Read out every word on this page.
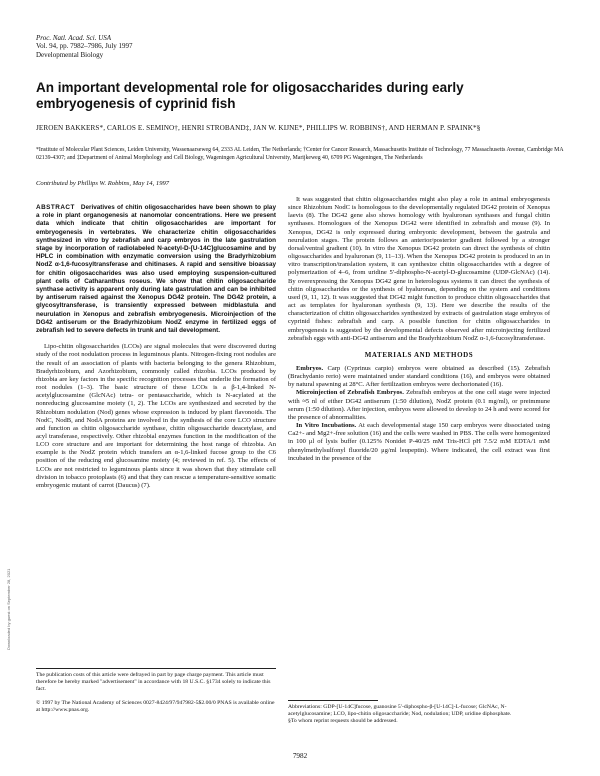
Proc. Natl. Acad. Sci. USA
Vol. 94, pp. 7982–7986, July 1997
Developmental Biology
An important developmental role for oligosaccharides during early embryogenesis of cyprinid fish
JEROEN BAKKERS*, CARLOS E. SEMINO†, HENRI STROBAND‡, JAN W. KIJNE*, PHILLIPS W. ROBBINS†, AND HERMAN P. SPAINK*§
*Institute of Molecular Plant Sciences, Leiden University, Wassenaarseweg 64, 2333 AL Leiden, The Netherlands; †Center for Cancer Research, Massachusetts Institute of Technology, 77 Massachusetts Avenue, Cambridge MA 02139-4307; and ‡Department of Animal Morphology and Cell Biology, Wageningen Agricultural University, Marijkeweg 40, 6709 PG Wageningen, The Netherlands
Contributed by Phillips W. Robbins, May 14, 1997

ABSTRACT Derivatives of chitin oligosaccharides have been shown to play a role in plant organogenesis at nanomolar concentrations. Here we present data which indicate that chitin oligosaccharides are important for embryogenesis in vertebrates. We characterize chitin oligosaccharides synthesized in vitro by zebrafish and carp embryos in the late gastrulation stage by incorporation of radiolabeled N-acetyl-D-[U-14C]glucosamine and by HPLC in combination with enzymatic conversion using the Bradyrhizobium NodZ α-1,6-fucosyltransferase and chitinases. A rapid and sensitive bioassay for chitin oligosaccharides was also used employing suspension-cultured plant cells of Catharanthus roseus. We show that chitin oligosaccharide synthase activity is apparent only during late gastrulation and can be inhibited by antiserum raised against the Xenopus DG42 protein. The DG42 protein, a glycosyltransferase, is transiently expressed between midblastula and neurulation in Xenopus and zebrafish embryogenesis. Microinjection of the DG42 antiserum or the Bradyrhizobium NodZ enzyme in fertilized eggs of zebrafish led to severe defects in trunk and tail development.

Lipo-chitin oligosaccharides (LCOs) are signal molecules that were discovered during study of the root nodulation process in leguminous plants. Nitrogen-fixing root nodules are the result of an association of plants with bacteria belonging to the genera Rhizobium, Bradyrhizobium, and Azorhizobium, commonly called rhizobia. LCOs produced by rhizobia are key factors in the specific recognition processes that underlie the formation of root nodules (1–3). The basic structure of these LCOs is a β-1,4-linked N-acetylglucosamine (GlcNAc) tetra- or pentasaccharide, which is N-acylated at the nonreducing glucosamine moiety (1, 2). The LCOs are synthesized and secreted by the Rhizobium nodulation (Nod) genes whose expression is induced by plant flavonoids. The NodC, NodB, and NodA proteins are involved in the synthesis of the core LCO structure and function as chitin oligosaccharide synthase, chitin oligosaccharide deacetylase, and acyl transferase, respectively. Other rhizobial enzymes function in the modification of the LCO core structure and are important for determining the host range of rhizobia. An example is the NodZ protein which transfers an α-1,6-linked fucose group to the C6 position of the reducing end glucosamine moiety (4; reviewed in ref. 5). The effects of LCOs are not restricted to leguminous plants since it was shown that they stimulate cell division in tobacco protoplasts (6) and that they can rescue a temperature-sensitive somatic embryogenic mutant of carrot (Daucus) (7).

The publication costs of this article were defrayed in part by page charge payment. This article must therefore be hereby marked "advertisement" in accordance with 18 U.S.C. §1734 solely to indicate this fact.
© 1997 by The National Academy of Sciences 0027-8424/97/947982-5$2.00/0 PNAS is available online at http://www.pnas.org.

It was suggested that chitin oligosaccharides might also play a role in animal embryogenesis since Rhizobium NodC is homologous to the developmentally regulated DG42 protein of Xenopus laevis (8). The DG42 gene also shows homology with hyaluronan synthases and fungal chitin synthases. Homologues of the Xenopus DG42 were identified in zebrafish and mouse (9). In Xenopus, DG42 is only expressed during embryonic development, between the gastrula and neurulation stages. The protein follows an anterior/posterior gradient followed by a stronger dorsal/ventral gradient (10). In vitro the Xenopus DG42 protein can direct the synthesis of chitin oligosaccharides and hyaluronan (9, 11–13). When the Xenopus DG42 protein is produced in an in vitro transcription/translation system, it can synthesize chitin oligosaccharides with a degree of polymerization of 4–6, from uridine 5′-diphospho-N-acetyl-D-glucosamine (UDP-GlcNAc) (14). By overexpressing the Xenopus DG42 gene in heterologous systems it can direct the synthesis of chitin oligosaccharides or the synthesis of hyaluronan, depending on the system and conditions used (9, 11, 12). It was suggested that DG42 might function to produce chitin oligosaccharides that act as templates for hyaluronan synthesis (9, 13). Here we describe the results of the characterization of chitin oligosaccharides synthesized by extracts of gastrulation stage embryos of cyprinid fishes: zebrafish and carp. A possible function for chitin oligosaccharides in embryogenesis is suggested by the developmental defects observed after microinjecting fertilized zebrafish eggs with anti-DG42 antiserum and the Bradyrhizobium NodZ α-1,6-fucosyltransferase.

MATERIALS AND METHODS

Embryos. Carp (Cyprinus carpio) embryos were obtained as described (15). Zebrafish (Brachydanio rerio) were maintained under standard conditions (16), and embryos were obtained by natural spawning at 28°C. After fertilization embryos were dechorionated (16).

Microinjection of Zebrafish Embryos. Zebrafish embryos at the one cell stage were injected with ≈5 nl of either DG42 antiserum (1:50 dilution), NodZ protein (0.1 mg/ml), or preimmune serum (1:50 dilution). After injection, embryos were allowed to develop to 24 h and were scored for the presence of abnormalities.

In Vitro Incubations. At each developmental stage 150 carp embryos were dissociated using Ca2+- and Mg2+-free solution (16) and the cells were washed in PBS. The cells were homogenized in 100 μl of lysis buffer (0.125% Nonidet P-40/25 mM Tris-HCl pH 7.5/2 mM EDTA/1 mM phenylmethylsulfonyl fluoride/20 μg/ml leupeptin). Where indicated, the cell extract was first incubated in the presence of the

Abbreviations: GDP-[U-14C]fucose, guanosine 5′-diphospho-β-[U-14C]-L-fucose; GlcNAc, N-acetylglucosamine; LCO, lipo-chitin oligosaccharide; Nod, nodulation; UDP, uridine diphosphate.
§To whom reprint requests should be addressed.
7982
Downloaded by guest on September 28, 2021
